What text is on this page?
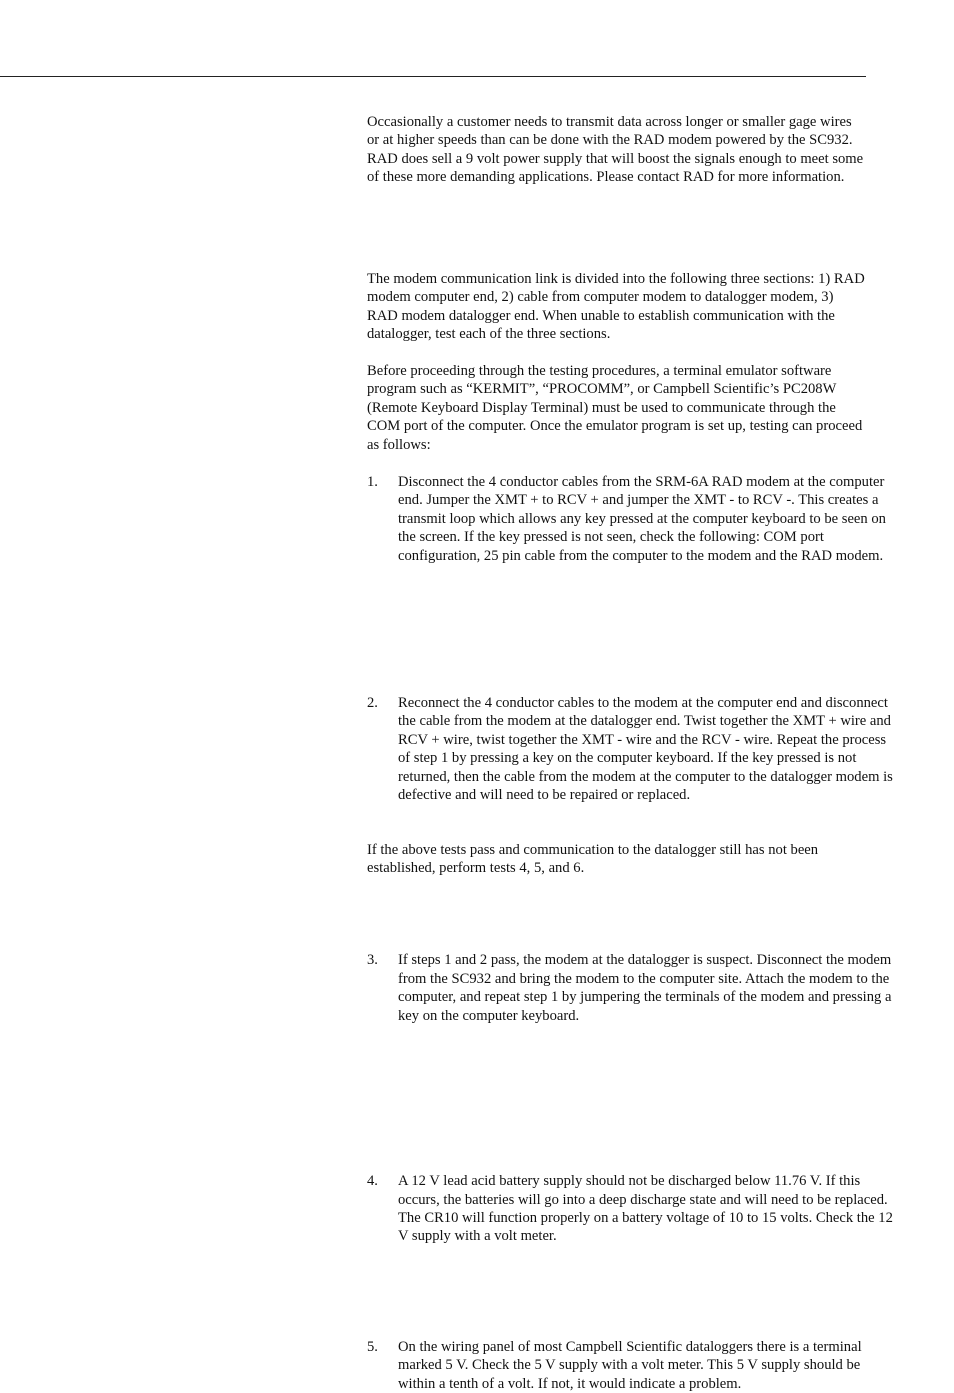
Occasionally a customer needs to transmit data across longer or smaller gage wires or at higher speeds than can be done with the RAD modem powered by the SC932. RAD does sell a 9 volt power supply that will boost the signals enough to meet some of these more demanding applications. Please contact RAD for more information.

The modem communication link is divided into the following three sections: 1) RAD modem computer end, 2) cable from computer modem to datalogger modem, 3) RAD modem datalogger end. When unable to establish communication with the datalogger, test each of the three sections.

Before proceeding through the testing procedures, a terminal emulator software program such as “KERMIT”, “PROCOMM”, or Campbell Scientific’s PC208W (Remote Keyboard Display Terminal) must be used to communicate through the COM port of the computer. Once the emulator program is set up, testing can proceed as follows:

1. Disconnect the 4 conductor cables from the SRM-6A RAD modem at the computer end. Jumper the XMT + to RCV + and jumper the XMT - to RCV -. This creates a transmit loop which allows any key pressed at the computer keyboard to be seen on the screen. If the key pressed is not seen, check the following: COM port configuration, 25 pin cable from the computer to the modem and the RAD modem.
2. Reconnect the 4 conductor cables to the modem at the computer end and disconnect the cable from the modem at the datalogger end. Twist together the XMT + wire and RCV + wire, twist together the XMT - wire and the RCV - wire. Repeat the process of step 1 by pressing a key on the computer keyboard. If the key pressed is not returned, then the cable from the modem at the computer to the datalogger modem is defective and will need to be repaired or replaced.
3. If steps 1 and 2 pass, the modem at the datalogger is suspect. Disconnect the modem from the SC932 and bring the modem to the computer site. Attach the modem to the computer, and repeat step 1 by jumpering the terminals of the modem and pressing a key on the computer keyboard.

If the above tests pass and communication to the datalogger still has not been established, perform tests 4, 5, and 6.

4. A 12 V lead acid battery supply should not be discharged below 11.76 V. If this occurs, the batteries will go into a deep discharge state and will need to be replaced. The CR10 will function properly on a battery voltage of 10 to 15 volts. Check the 12 V supply with a volt meter.
5. On the wiring panel of most Campbell Scientific dataloggers there is a terminal marked 5 V. Check the 5 V supply with a volt meter. This 5 V supply should be within a tenth of a volt. If not, it would indicate a problem.
